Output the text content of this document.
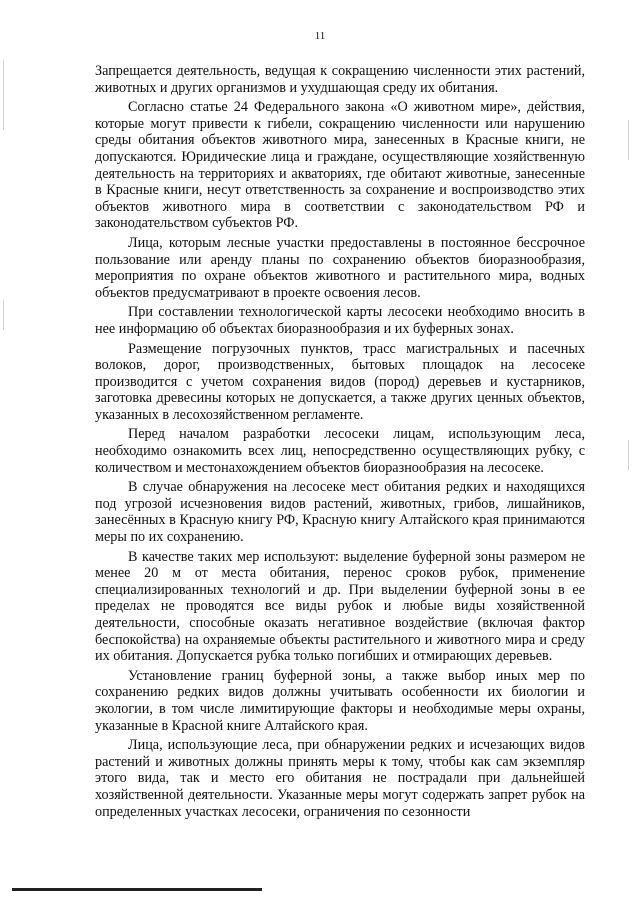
11

Запрещается деятельность, ведущая к сокращению численности этих растений, животных и других организмов и ухудшающая среду их обитания.

Согласно статье 24 Федерального закона «О животном мире», действия, которые могут привести к гибели, сокращению численности или нарушению среды обитания объектов животного мира, занесенных в Красные книги, не допускаются. Юридические лица и граждане, осуществляющие хозяйственную деятельность на территориях и акваториях, где обитают животные, занесенные в Красные книги, несут ответственность за сохранение и воспроизводство этих объектов животного мира в соответствии с законодательством РФ и законодательством субъектов РФ.

Лица, которым лесные участки предоставлены в постоянное бессрочное пользование или аренду планы по сохранению объектов биоразнообразия, мероприятия по охране объектов животного и растительного мира, водных объектов предусматривают в проекте освоения лесов.

При составлении технологической карты лесосеки необходимо вносить в нее информацию об объектах биоразнообразия и их буферных зонах.

Размещение погрузочных пунктов, трасс магистральных и пасечных волоков, дорог, производственных, бытовых площадок на лесосеке производится с учетом сохранения видов (пород) деревьев и кустарников, заготовка древесины которых не допускается, а также других ценных объектов, указанных в лесохозяйственном регламенте.

Перед началом разработки лесосеки лицам, использующим леса, необходимо ознакомить всех лиц, непосредственно осуществляющих рубку, с количеством и местонахождением объектов биоразнообразия на лесосеке.

В случае обнаружения на лесосеке мест обитания редких и находящихся под угрозой исчезновения видов растений, животных, грибов, лишайников, занесённых в Красную книгу РФ, Красную книгу Алтайского края принимаются меры по их сохранению.

В качестве таких мер используют: выделение буферной зоны размером не менее 20 м от места обитания, перенос сроков рубок, применение специализированных технологий и др. При выделении буферной зоны в ее пределах не проводятся все виды рубок и любые виды хозяйственной деятельности, способные оказать негативное воздействие (включая фактор беспокойства) на охраняемые объекты растительного и животного мира и среду их обитания. Допускается рубка только погибших и отмирающих деревьев.

Установление границ буферной зоны, а также выбор иных мер по сохранению редких видов должны учитывать особенности их биологии и экологии, в том числе лимитирующие факторы и необходимые меры охраны, указанные в Красной книге Алтайского края.

Лица, использующие леса, при обнаружении редких и исчезающих видов растений и животных должны принять меры к тому, чтобы как сам экземпляр этого вида, так и место его обитания не пострадали при дальнейшей хозяйственной деятельности. Указанные меры могут содержать запрет рубок на определенных участках лесосеки, ограничения по сезонности
